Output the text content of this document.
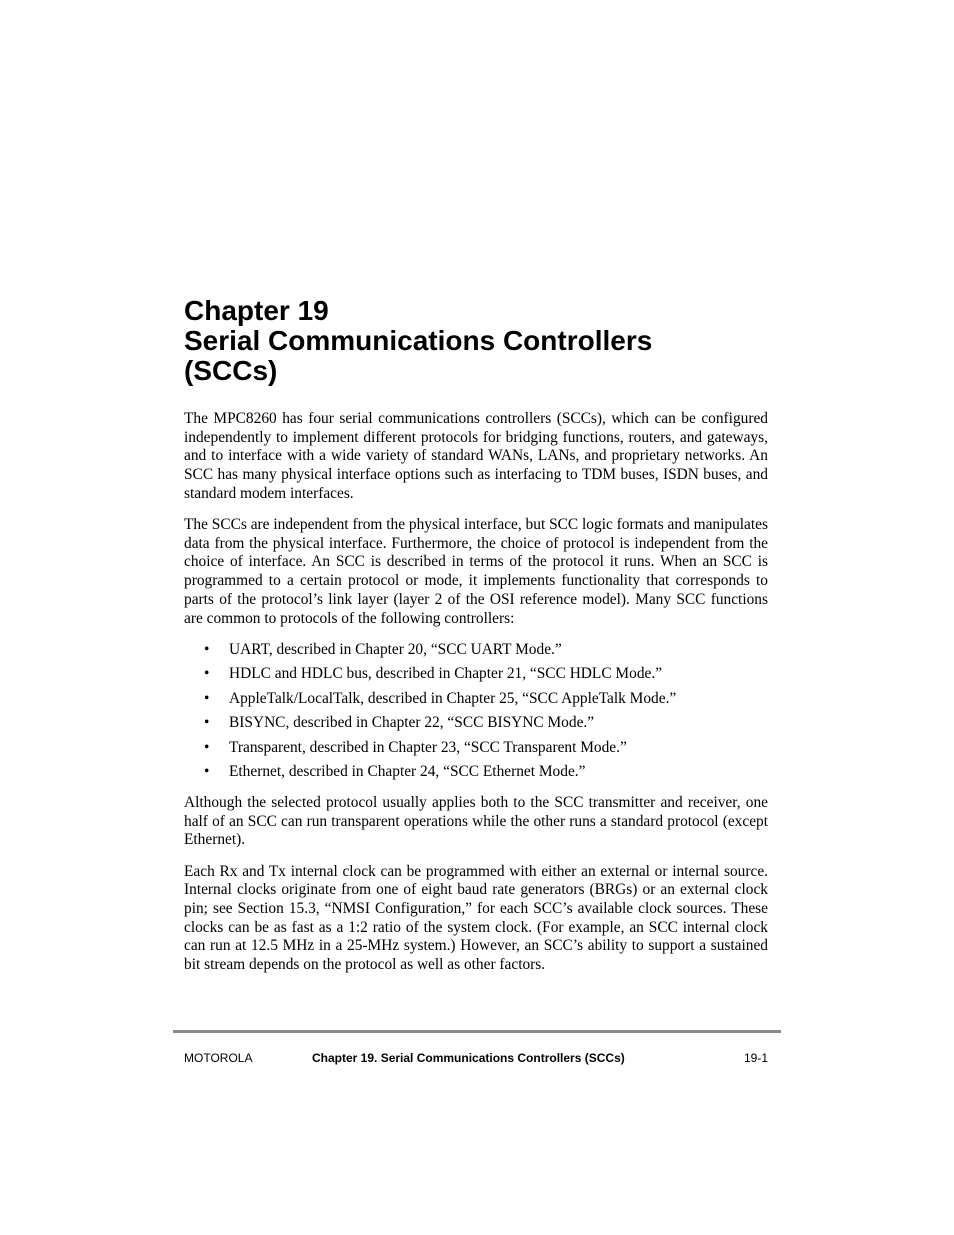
Chapter 19
Serial Communications Controllers
(SCCs)

The MPC8260 has four serial communications controllers (SCCs), which can be configured independently to implement different protocols for bridging functions, routers, and gateways, and to interface with a wide variety of standard WANs, LANs, and proprietary networks. An SCC has many physical interface options such as interfacing to TDM buses, ISDN buses, and standard modem interfaces.

The SCCs are independent from the physical interface, but SCC logic formats and manipulates data from the physical interface. Furthermore, the choice of protocol is independent from the choice of interface. An SCC is described in terms of the protocol it runs. When an SCC is programmed to a certain protocol or mode, it implements functionality that corresponds to parts of the protocol’s link layer (layer 2 of the OSI reference model). Many SCC functions are common to protocols of the following controllers:

• UART, described in Chapter 20, “SCC UART Mode.”
• HDLC and HDLC bus, described in Chapter 21, “SCC HDLC Mode.”
• AppleTalk/LocalTalk, described in Chapter 25, “SCC AppleTalk Mode.”
• BISYNC, described in Chapter 22, “SCC BISYNC Mode.”
• Transparent, described in Chapter 23, “SCC Transparent Mode.”
• Ethernet, described in Chapter 24, “SCC Ethernet Mode.”

Although the selected protocol usually applies both to the SCC transmitter and receiver, one half of an SCC can run transparent operations while the other runs a standard protocol (except Ethernet).

Each Rx and Tx internal clock can be programmed with either an external or internal source. Internal clocks originate from one of eight baud rate generators (BRGs) or an external clock pin; see Section 15.3, “NMSI Configuration,” for each SCC’s available clock sources. These clocks can be as fast as a 1:2 ratio of the system clock. (For example, an SCC internal clock can run at 12.5 MHz in a 25-MHz system.) However, an SCC’s ability to support a sustained bit stream depends on the protocol as well as other factors.

MOTOROLA	Chapter 19. Serial Communications Controllers (SCCs)	19-1
